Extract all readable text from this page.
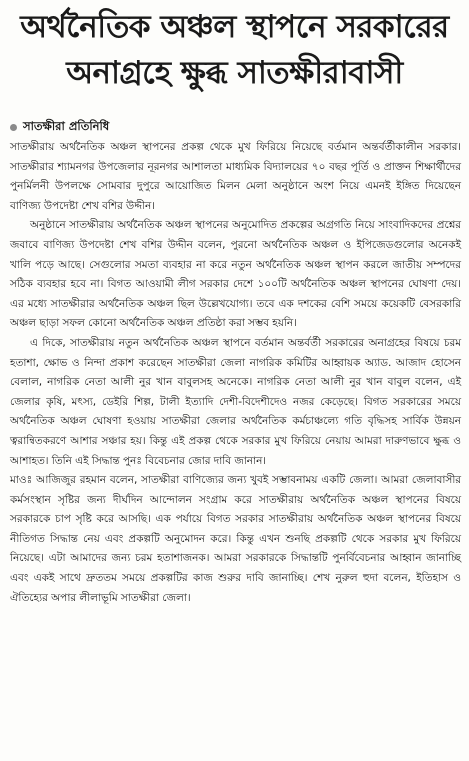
অর্থনৈতিক অঞ্চল স্থাপনে সরকারের
অনাগ্রহে ক্ষুব্ধ সাতক্ষীরাবাসী
সাতক্ষীরা প্রতিনিধি

সাতক্ষীরায় অর্থনৈতিক অঞ্চল স্থাপনের প্রকল্প থেকে মুখ ফিরিয়ে নিয়েছে বর্তমান অন্তর্বর্তীকালীন সরকার। সাতক্ষীরার শ্যামনগর উপজেলার নূরনগর আশালতা মাধ্যমিক বিদ্যালয়ের ৭০ বছর পূর্তি ও প্রাক্তন শিক্ষার্থীদের পুনর্মিলনী উপলক্ষে সোমবার দুপুরে আয়োজিত মিলন মেলা অনুষ্ঠানে অংশ নিয়ে এমনই ইঙ্গিত দিয়েছেন বাণিজ্য উপদেষ্টা শেখ বশির উদ্দীন।

অনুষ্ঠানে সাতক্ষীরায় অর্থনৈতিক অঞ্চল স্থাপনের অনুমোদিত প্রকল্পের অগ্রগতি নিয়ে সাংবাদিকদের প্রশ্নের জবাবে বাণিজ্য উপদেষ্টা শেখ বশির উদ্দীন বলেন, পুরনো অর্থনৈতিক অঞ্চল ও ইপিজেডগুলোর অনেকই খালি পড়ে আছে। সেগুলোর সমতা ব্যবহার না করে নতুন অর্থনৈতিক অঞ্চল স্থাপন করলে জাতীয় সম্পদের সঠিক ব্যবহার হবে না। বিগত আওয়ামী লীগ সরকার দেশে ১০০টি অর্থনৈতিক অঞ্চল স্থাপনের ঘোষণা দেয়। এর মধ্যে সাতক্ষীরার অর্থনৈতিক অঞ্চল ছিল উল্লেখযোগ্য। তবে এক দশকের বেশি সময়ে কয়েকটি বেসরকারি অঞ্চল ছাড়া সফল কোনো অর্থনৈতিক অঞ্চল প্রতিষ্ঠা করা সম্ভব হয়নি।

এ দিকে, সাতক্ষীরায় নতুন অর্থনৈতিক অঞ্চল স্থাপনে বর্তমান অন্তর্বর্তী সরকারের অনাগ্রহের বিষয়ে চরম হতাশা, ক্ষোভ ও নিন্দা প্রকাশ করেছেন সাতক্ষীরা জেলা নাগরিক কমিটির আহ্বায়ক অ্যাড. আজাদ হোসেন বেলাল, নাগরিক নেতা আলী নুর খান বাবুলসহ অনেকে। নাগরিক নেতা আলী নুর খান বাবুল বলেন, এই জেলার কৃষি, মৎস্য, ডেইরি শিল্প, টালী ইত্যাদি দেশী-বিদেশীদেও নজর কেড়েছে। বিগত সরকারের সময়ে অর্থনৈতিক অঞ্চল ঘোষণা হওয়ায় সাতক্ষীরা জেলার অর্থনৈতিক কর্মচাঞ্চল্যে গতি বৃদ্ধিসহ সার্বিক উন্নয়ন ত্বরান্বিতকরণে আশার সঞ্চার হয়। কিন্তু এই প্রকল্প থেকে সরকার মুখ ফিরিয়ে নেয়ায় আমরা দারুণভাবে ক্ষুব্ধ ও আশাহত। তিনি এই সিদ্ধান্ত পুনঃ বিবেচনার জোর দাবি জানান।

মাওঃ আজিজুর রহমান বলেন, সাতক্ষীরা বাণিজ্যের জন্য খুবই সম্ভাবনাময় একটি জেলা। আমরা জেলাবাসীর কর্মসংস্থান সৃষ্টির জন্য দীর্ঘদিন আন্দোলন সংগ্রাম করে সাতক্ষীরায় অর্থনৈতিক অঞ্চল স্থাপনের বিষয়ে সরকারকে চাপ সৃষ্টি করে আসছি। এক পর্যায়ে বিগত সরকার সাতক্ষীরায় অর্থনৈতিক অঞ্চল স্থাপনের বিষয়ে নীতিগত সিদ্ধান্ত নেয় এবং প্রকল্পটি অনুমোদন করে। কিন্তু এখন শুনছি প্রকল্পটি থেকে সরকার মুখ ফিরিয়ে নিয়েছে। এটা আমাদের জন্য চরম হতাশাজনক। আমরা সরকারকে সিদ্ধান্তটি পুনর্বিবেচনার আহ্বান জানাচ্ছি এবং একই সাথে দ্রুততম সময়ে প্রকল্পটির কাজ শুরুর দাবি জানাচ্ছি। শেখ নুরুল হুদা বলেন, ইতিহাস ও ঐতিহ্যের অপার লীলাভূমি সাতক্ষীরা জেলা।
